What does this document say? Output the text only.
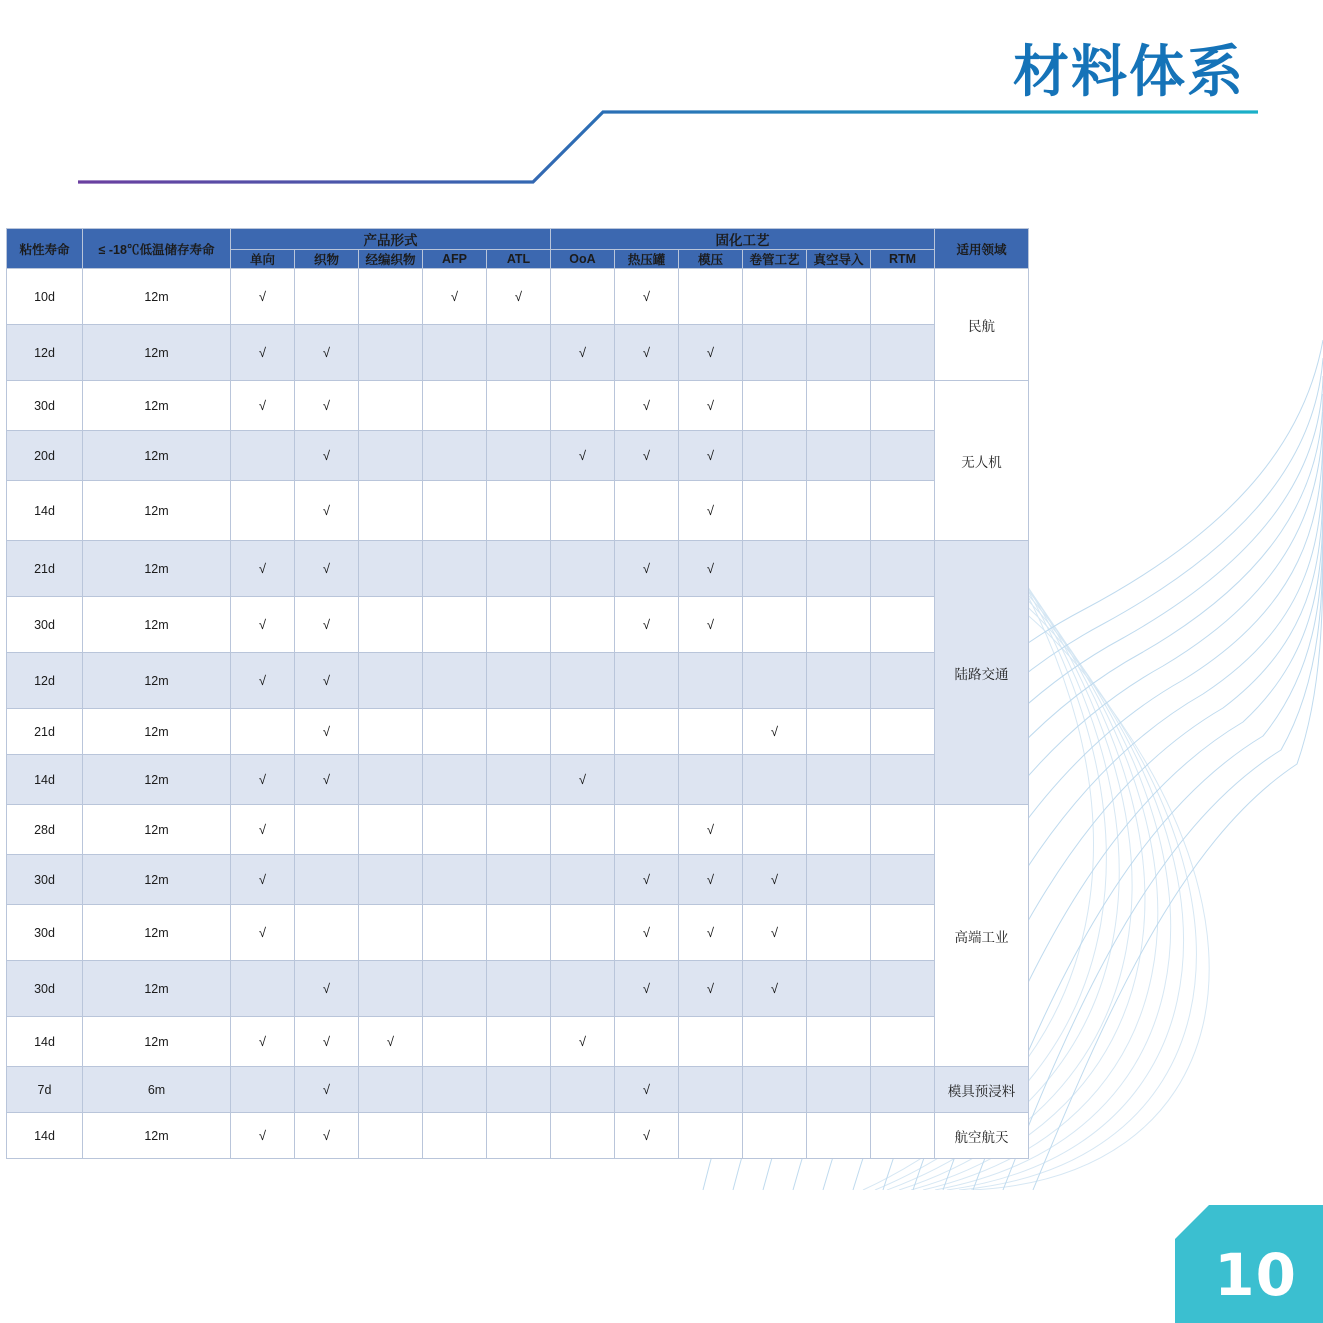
材料体系
粘性寿命	≤ -18℃低温储存寿命	产品形式					固化工艺						适用领域
		单向	织物	经编织物	AFP	ATL	OoA	热压罐	模压	卷管工艺	真空导入	RTM	
10d	12m	√			√	√		√					民航
12d	12m	√	√				√	√	√				
30d	12m	√	√					√	√				无人机
20d	12m		√				√	√	√				
14d	12m		√						√				
21d	12m	√	√					√	√				陆路交通
30d	12m	√	√					√	√				
12d	12m	√	√										
21d	12m		√							√			
14d	12m	√	√				√						
28d	12m	√							√				高端工业
30d	12m	√						√	√	√			
30d	12m	√						√	√	√			
30d	12m		√					√	√	√			
14d	12m	√	√	√			√						
7d	6m		√					√					模具预浸料
14d	12m	√	√					√					航空航天
10
